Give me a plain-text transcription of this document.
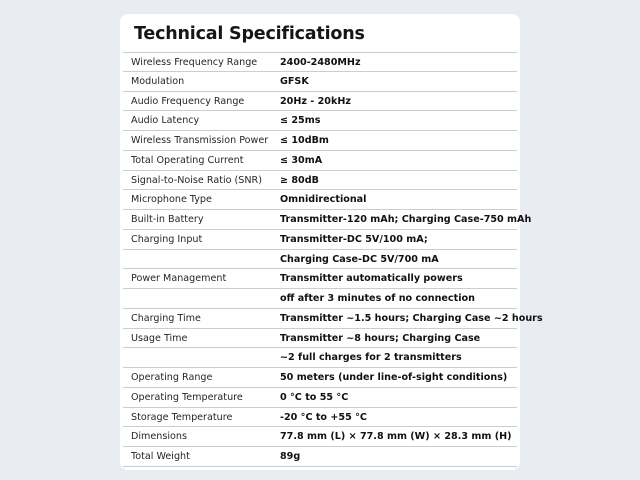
Technical Specifications
Wireless Frequency Range 2400-2480MHz
Modulation	GFSK
Audio Frequency Range	20Hz - 20kHz
Audio Latency	≤ 25ms
Wireless Transmission Power ≤ 10dBm
Total Operating Current	≤ 30mA
Signal-to-Noise Ratio (SNR) ≥ 80dB
Microphone Type	Omnidirectional
Built-in Battery	Transmitter-120 mAh; Charging Case-750 mAh
Charging Input	Transmitter-DC 5V/100 mA;
Charging Case-DC 5V/700 mA
Power Management	Transmitter automatically powers
off after 3 minutes of no connection
Charging Time	Transmitter ~1.5 hours; Charging Case ~2 hours
Usage Time	Transmitter ~8 hours; Charging Case
~2 full charges for 2 transmitters
Operating Range	50 meters (under line-of-sight conditions)
Operating Temperature	0 °C to 55 °C
Storage Temperature	-20 °C to +55 °C
Dimensions	77.8 mm (L) × 77.8 mm (W) × 28.3 mm (H)
Total Weight	89g
